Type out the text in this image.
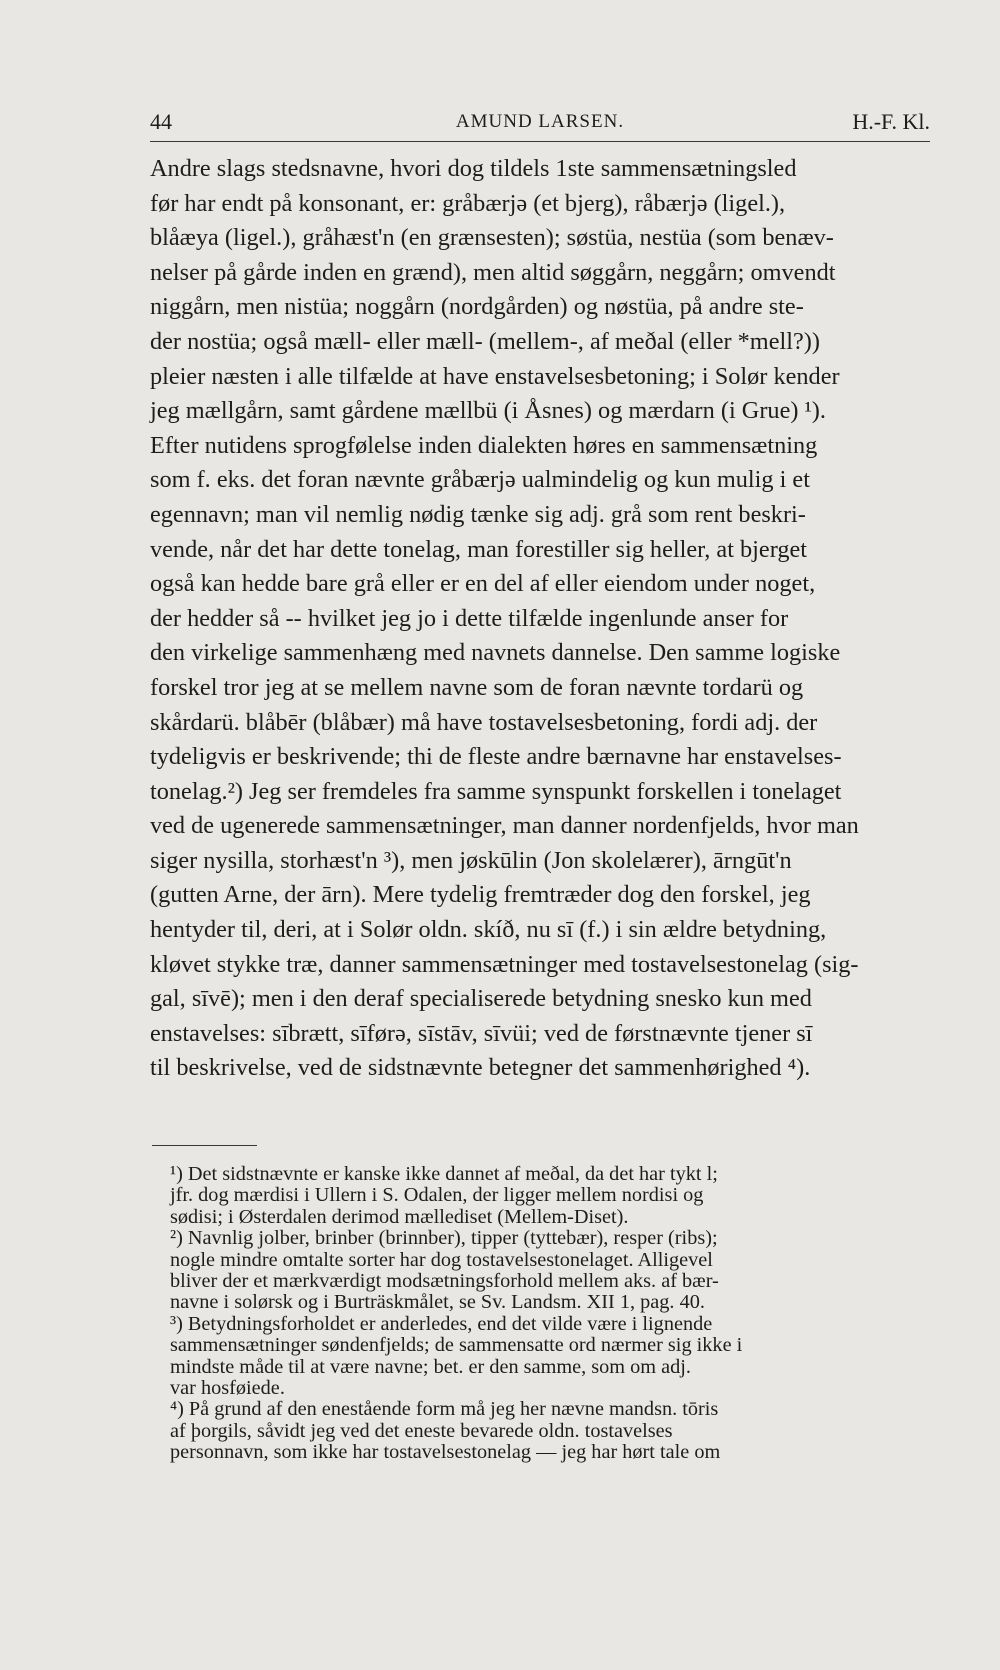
44	AMUND LARSEN.	H.-F. Kl.
Andre slags stedsnavne, hvori dog tildels 1ste sammensætningsled
før har endt på konsonant, er: gråbærjə (et bjerg), råbærjə (ligel.),
blåæya (ligel.), gråhæst'n (en grænsesten); søstüa, nestüa (som benæv-
nelser på gårde inden en grænd), men altid søggårn, neggårn; omvendt
niggårn, men nistüa; noggårn (nordgården) og nøstüa, på andre ste-
der nostüa; også mæll- eller mæll- (mellem-, af meðal (eller *mell?))
pleier næsten i alle tilfælde at have enstavelsesbetoning; i Solør kender
jeg mællgårn, samt gårdene mællbü (i Åsnes) og mærdarn (i Grue) ¹).
Efter nutidens sprogfølelse inden dialekten høres en sammensætning
som f. eks. det foran nævnte gråbærjə ualmindelig og kun mulig i et
egennavn; man vil nemlig nødig tænke sig adj. grå som rent beskri-
vende, når det har dette tonelag, man forestiller sig heller, at bjerget
også kan hedde bare grå eller er en del af eller eiendom under noget,
der hedder så -- hvilket jeg jo i dette tilfælde ingenlunde anser for
den virkelige sammenhæng med navnets dannelse. Den samme logiske
forskel tror jeg at se mellem navne som de foran nævnte tordarü og
skårdarü. blåbēr (blåbær) må have tostavelsesbetoning, fordi adj. der
tydeligvis er beskrivende; thi de fleste andre bærnavne har enstavelses-
tonelag.²) Jeg ser fremdeles fra samme synspunkt forskellen i tonelaget
ved de ugenerede sammensætninger, man danner nordenfjelds, hvor man
siger nysilla, storhæst'n ³), men jøskūlin (Jon skolelærer), ārngūt'n
(gutten Arne, der ārn). Mere tydelig fremtræder dog den forskel, jeg
hentyder til, deri, at i Solør oldn. skíð, nu sī (f.) i sin ældre betydning,
kløvet stykke træ, danner sammensætninger med tostavelsestonelag (sig-
gal, sīvē); men i den deraf specialiserede betydning snesko kun med
enstavelses: sībrætt, sīførə, sīstāv, sīvüi; ved de førstnævnte tjener sī
til beskrivelse, ved de sidstnævnte betegner det sammenhørighed ⁴).
¹) Det sidstnævnte er kanske ikke dannet af meðal, da det har tykt l;
jfr. dog mærdisi i Ullern i S. Odalen, der ligger mellem nordisi og
sødisi; i Østerdalen derimod mællediset (Mellem-Diset).
²) Navnlig jolber, brinber (brinnber), tipper (tyttebær), resper (ribs);
nogle mindre omtalte sorter har dog tostavelsestonelaget. Alligevel
bliver der et mærkværdigt modsætningsforhold mellem aks. af bær-
navne i solørsk og i Burträskmålet, se Sv. Landsm. XII 1, pag. 40.
³) Betydningsforholdet er anderledes, end det vilde være i lignende
sammensætninger søndenfjelds; de sammensatte ord nærmer sig ikke i
mindste måde til at være navne; bet. er den samme, som om adj.
var hosføiede.
⁴) På grund af den enestående form må jeg her nævne mandsn. tōris
af þorgils, såvidt jeg ved det eneste bevarede oldn. tostavelses
personnavn, som ikke har tostavelsestonelag — jeg har hørt tale om
